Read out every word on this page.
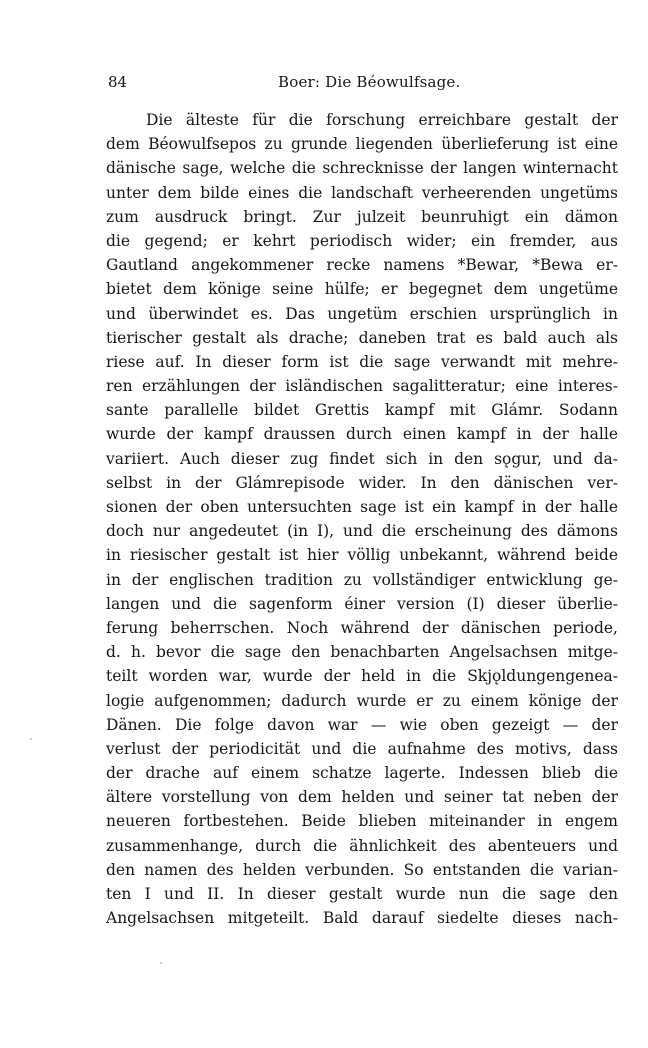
84	Boer: Die Béowulfsage.
Die älteste für die forschung erreichbare gestalt der
dem Béowulfsepos zu grunde liegenden überlieferung ist eine
dänische sage, welche die schrecknisse der langen winternacht
unter dem bilde eines die landschaft verheerenden ungetüms
zum ausdruck bringt. Zur julzeit beunruhigt ein dämon
die gegend; er kehrt periodisch wider; ein fremder, aus
Gautland angekommener recke namens *Bewar, *Bewa er-
bietet dem könige seine hülfe; er begegnet dem ungetüme
und überwindet es. Das ungetüm erschien ursprünglich in
tierischer gestalt als drache; daneben trat es bald auch als
riese auf. In dieser form ist die sage verwandt mit mehre-
ren erzählungen der isländischen sagalitteratur; eine interes-
sante parallelle bildet Grettis kampf mit Glámr. Sodann
wurde der kampf draussen durch einen kampf in der halle
variiert. Auch dieser zug findet sich in den sǫgur, und da-
selbst in der Glámrepisode wider. In den dänischen ver-
sionen der oben untersuchten sage ist ein kampf in der halle
doch nur angedeutet (in I), und die erscheinung des dämons
in riesischer gestalt ist hier völlig unbekannt, während beide
in der englischen tradition zu vollständiger entwicklung ge-
langen und die sagenform éiner version (I) dieser überlie-
ferung beherrschen. Noch während der dänischen periode,
d. h. bevor die sage den benachbarten Angelsachsen mitge-
teilt worden war, wurde der held in die Skjǫldungengenea-
logie aufgenommen; dadurch wurde er zu einem könige der
Dänen. Die folge davon war — wie oben gezeigt — der
verlust der periodicität und die aufnahme des motivs, dass
der drache auf einem schatze lagerte. Indessen blieb die
ältere vorstellung von dem helden und seiner tat neben der
neueren fortbestehen. Beide blieben miteinander in engem
zusammenhange, durch die ähnlichkeit des abenteuers und
den namen des helden verbunden. So entstanden die varian-
ten I und II. In dieser gestalt wurde nun die sage den
Angelsachsen mitgeteilt. Bald darauf siedelte dieses nach-
